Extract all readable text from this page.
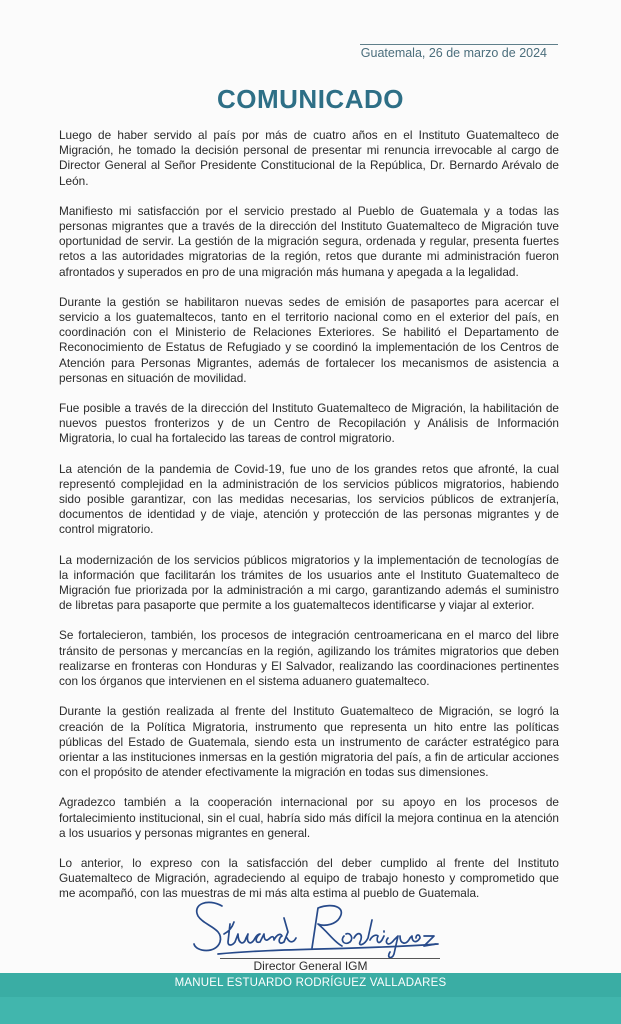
Guatemala, 26 de marzo de 2024
COMUNICADO

Luego de haber servido al país por más de cuatro años en el Instituto Guatemalteco de Migración, he tomado la decisión personal de presentar mi renuncia irrevocable al cargo de Director General al Señor Presidente Constitucional de la República, Dr. Bernardo Arévalo de León.

Manifiesto mi satisfacción por el servicio prestado al Pueblo de Guatemala y a todas las personas migrantes que a través de la dirección del Instituto Guatemalteco de Migración tuve oportunidad de servir. La gestión de la migración segura, ordenada y regular, presenta fuertes retos a las autoridades migratorias de la región, retos que durante mi administración fueron afrontados y superados en pro de una migración más humana y apegada a la legalidad.

Durante la gestión se habilitaron nuevas sedes de emisión de pasaportes para acercar el servicio a los guatemaltecos, tanto en el territorio nacional como en el exterior del país, en coordinación con el Ministerio de Relaciones Exteriores. Se habilitó el Departamento de Reconocimiento de Estatus de Refugiado y se coordinó la implementación de los Centros de Atención para Personas Migrantes, además de fortalecer los mecanismos de asistencia a personas en situación de movilidad.

Fue posible a través de la dirección del Instituto Guatemalteco de Migración, la habilitación de nuevos puestos fronterizos y de un Centro de Recopilación y Análisis de Información Migratoria, lo cual ha fortalecido las tareas de control migratorio.

La atención de la pandemia de Covid-19, fue uno de los grandes retos que afronté, la cual representó complejidad en la administración de los servicios públicos migratorios, habiendo sido posible garantizar, con las medidas necesarias, los servicios públicos de extranjería, documentos de identidad y de viaje, atención y protección de las personas migrantes y de control migratorio.

La modernización de los servicios públicos migratorios y la implementación de tecnologías de la información que facilitarán los trámites de los usuarios ante el Instituto Guatemalteco de Migración fue priorizada por la administración a mi cargo, garantizando además el suministro de libretas para pasaporte que permite a los guatemaltecos identificarse y viajar al exterior.

Se fortalecieron, también, los procesos de integración centroamericana en el marco del libre tránsito de personas y mercancías en la región, agilizando los trámites migratorios que deben realizarse en fronteras con Honduras y El Salvador, realizando las coordinaciones pertinentes con los órganos que intervienen en el sistema aduanero guatemalteco.

Durante la gestión realizada al frente del Instituto Guatemalteco de Migración, se logró la creación de la Política Migratoria, instrumento que representa un hito entre las políticas públicas del Estado de Guatemala, siendo esta un instrumento de carácter estratégico para orientar a las instituciones inmersas en la gestión migratoria del país, a fin de articular acciones con el propósito de atender efectivamente la migración en todas sus dimensiones.

Agradezco también a la cooperación internacional por su apoyo en los procesos de fortalecimiento institucional, sin el cual, habría sido más difícil la mejora continua en la atención a los usuarios y personas migrantes en general.

Lo anterior, lo expreso con la satisfacción del deber cumplido al frente del Instituto Guatemalteco de Migración, agradeciendo al equipo de trabajo honesto y comprometido que me acompañó, con las muestras de mi más alta estima al pueblo de Guatemala.

Director General IGM
MANUEL ESTUARDO RODRÍGUEZ VALLADARES
